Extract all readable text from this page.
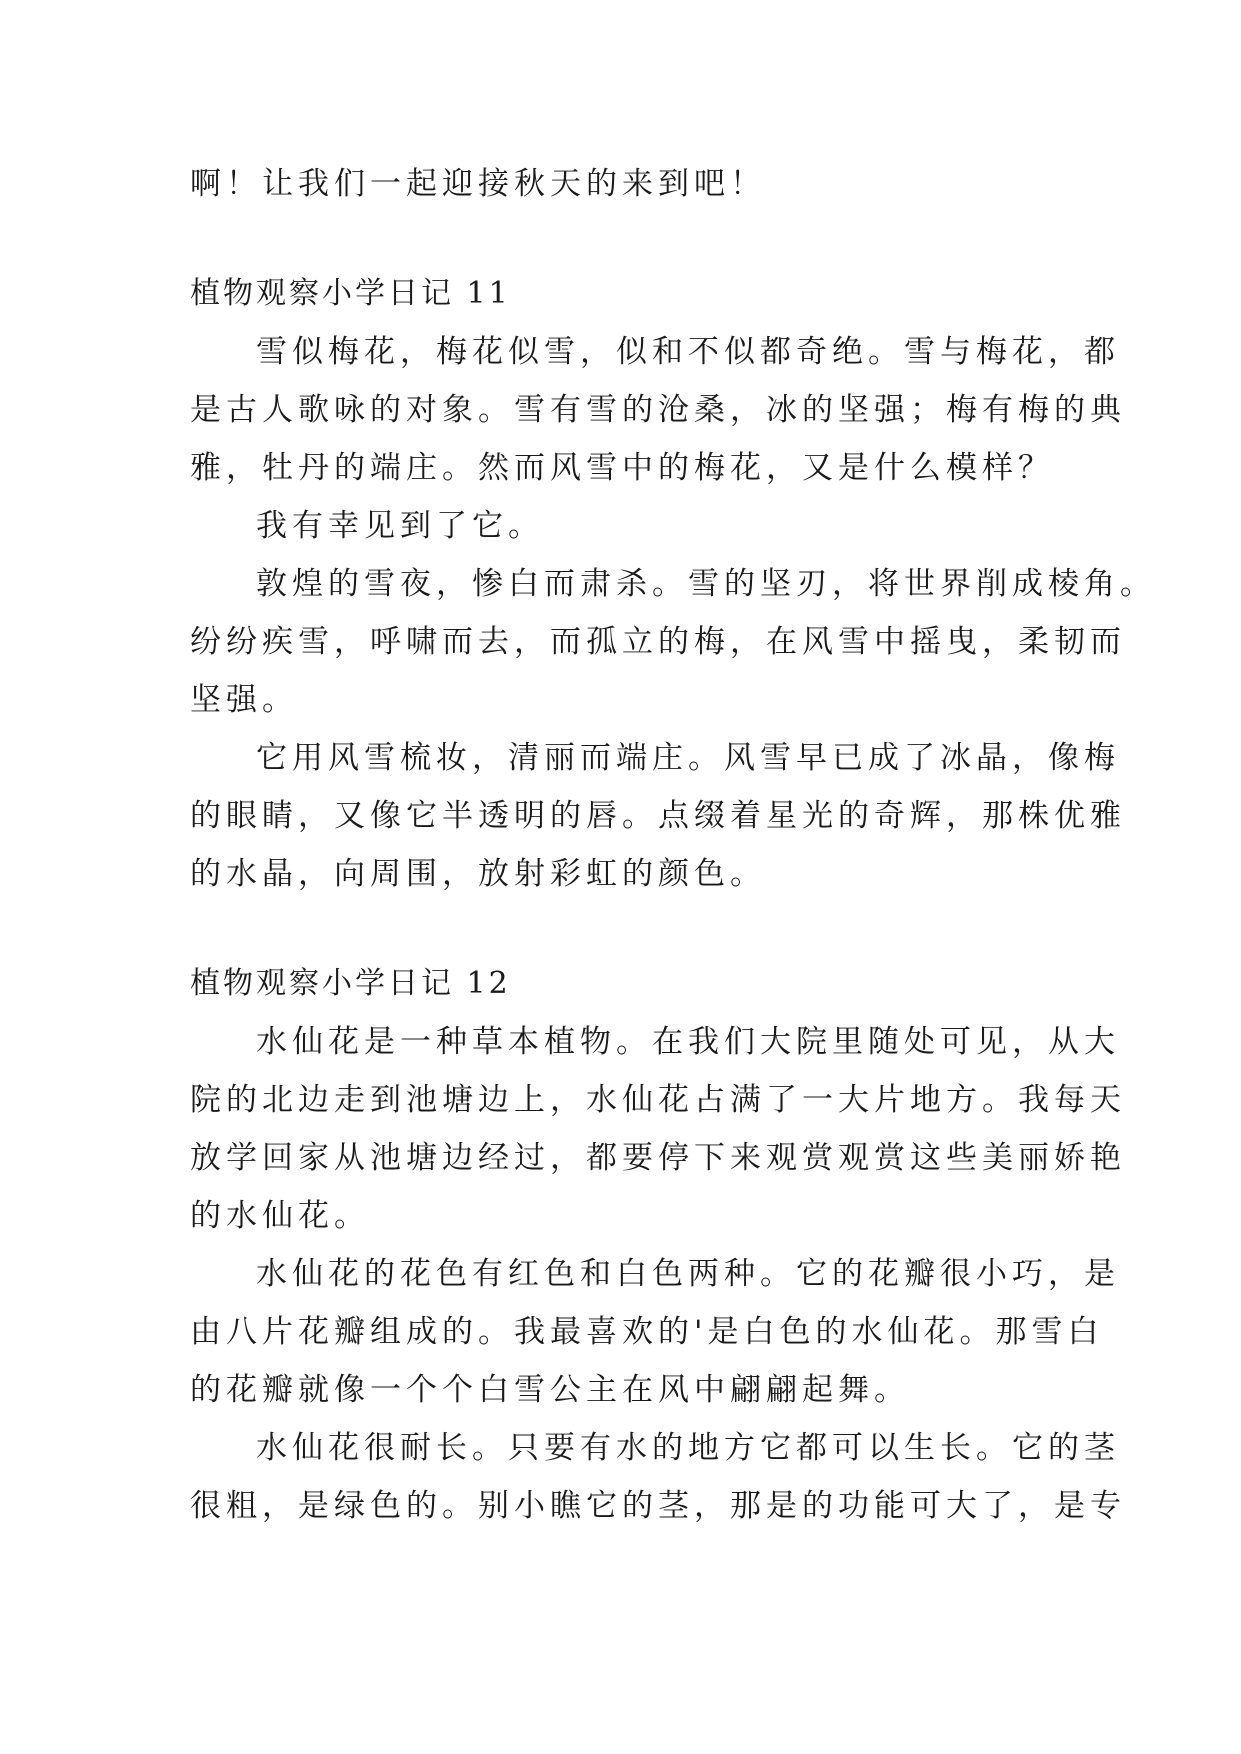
啊！让我们一起迎接秋天的来到吧！

植物观察小学日记 11

雪似梅花，梅花似雪，似和不似都奇绝。雪与梅花，都

是古人歌咏的对象。雪有雪的沧桑，冰的坚强；梅有梅的典

雅，牡丹的端庄。然而风雪中的梅花，又是什么模样？

我有幸见到了它。

敦煌的雪夜，惨白而肃杀。雪的坚刃，将世界削成棱角。

纷纷疾雪，呼啸而去，而孤立的梅，在风雪中摇曳，柔韧而

坚强。

它用风雪梳妆，清丽而端庄。风雪早已成了冰晶，像梅

的眼睛，又像它半透明的唇。点缀着星光的奇辉，那株优雅

的水晶，向周围，放射彩虹的颜色。

植物观察小学日记 12

水仙花是一种草本植物。在我们大院里随处可见，从大

院的北边走到池塘边上，水仙花占满了一大片地方。我每天

放学回家从池塘边经过，都要停下来观赏观赏这些美丽娇艳

的水仙花。

水仙花的花色有红色和白色两种。它的花瓣很小巧，是

由八片花瓣组成的。我最喜欢的'是白色的水仙花。那雪白

的花瓣就像一个个白雪公主在风中翩翩起舞。

水仙花很耐长。只要有水的地方它都可以生长。它的茎

很粗，是绿色的。别小瞧它的茎，那是的功能可大了，是专
